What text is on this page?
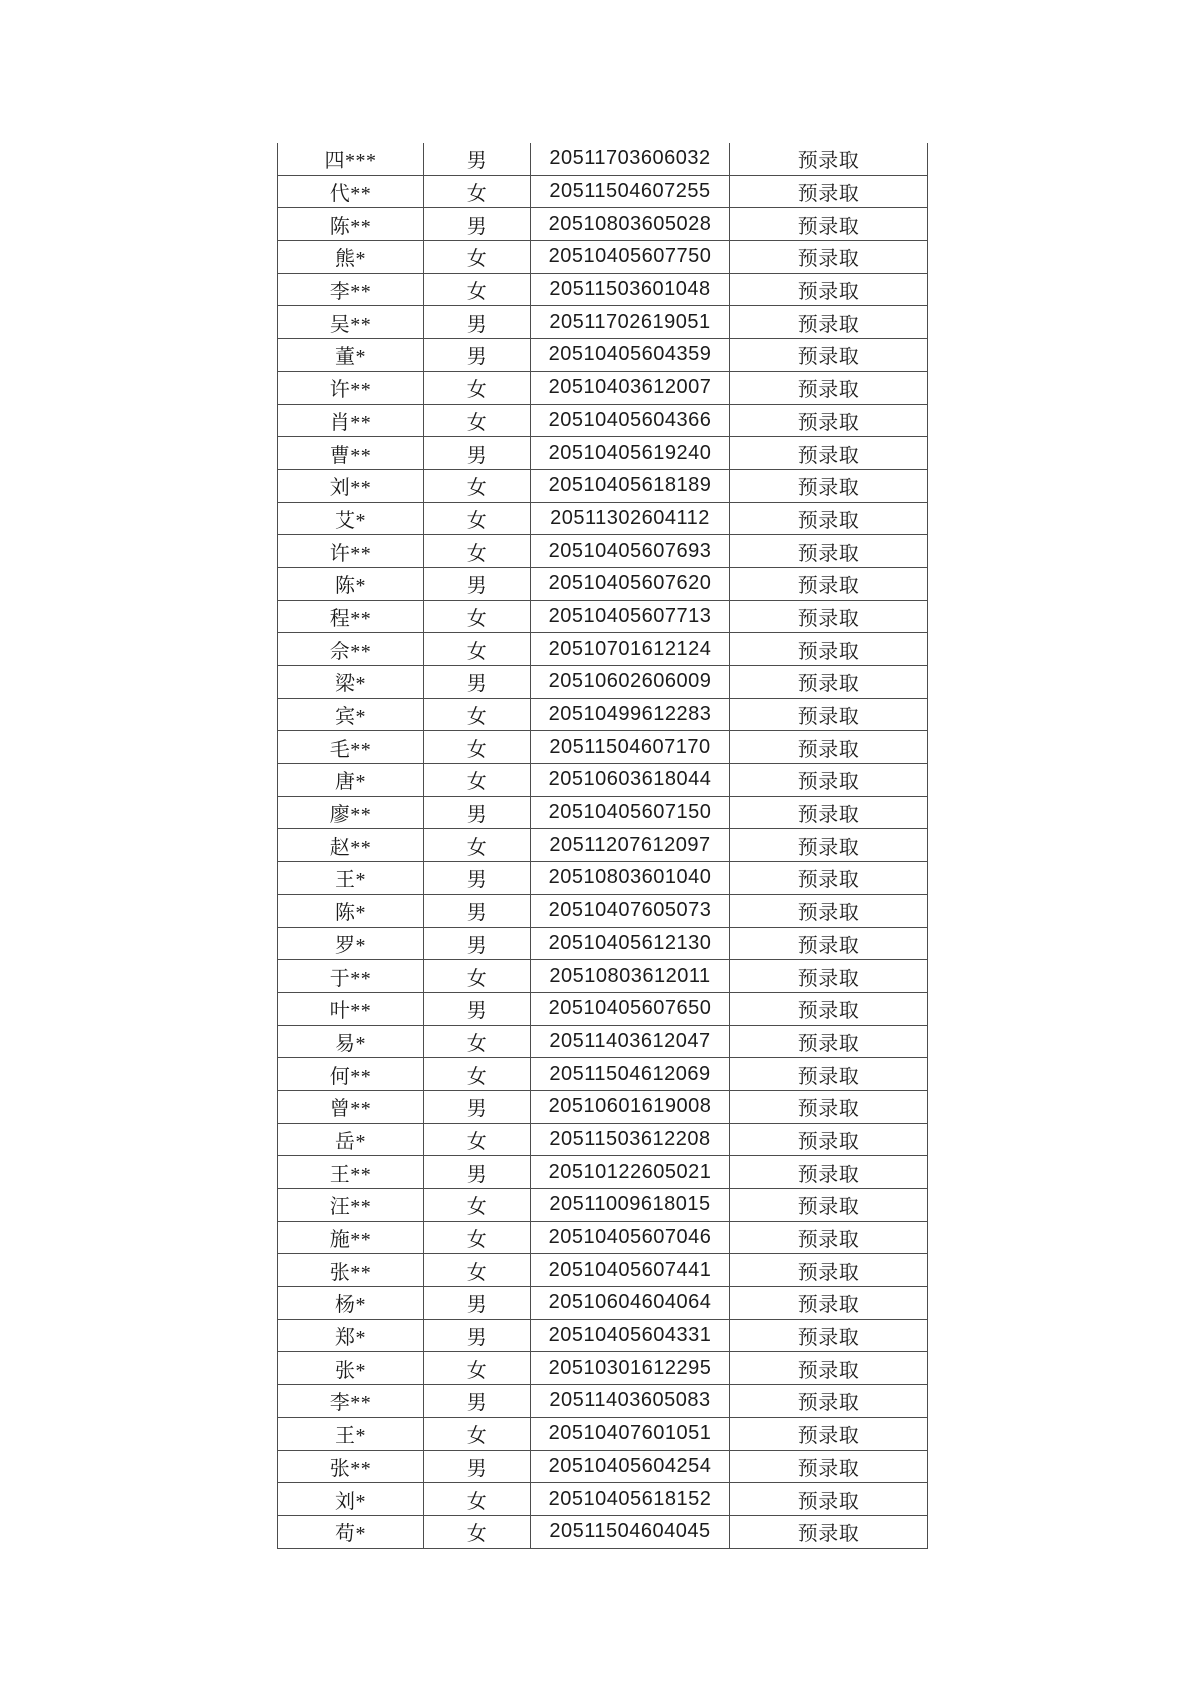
四***	男	20511703606032	预录取
代**	女	20511504607255	预录取
陈**	男	20510803605028	预录取
熊*	女	20510405607750	预录取
李**	女	20511503601048	预录取
吴**	男	20511702619051	预录取
董*	男	20510405604359	预录取
许**	女	20510403612007	预录取
肖**	女	20510405604366	预录取
曹**	男	20510405619240	预录取
刘**	女	20510405618189	预录取
艾*	女	20511302604112	预录取
许**	女	20510405607693	预录取
陈*	男	20510405607620	预录取
程**	女	20510405607713	预录取
佘**	女	20510701612124	预录取
梁*	男	20510602606009	预录取
宾*	女	20510499612283	预录取
毛**	女	20511504607170	预录取
唐*	女	20510603618044	预录取
廖**	男	20510405607150	预录取
赵**	女	20511207612097	预录取
王*	男	20510803601040	预录取
陈*	男	20510407605073	预录取
罗*	男	20510405612130	预录取
于**	女	20510803612011	预录取
叶**	男	20510405607650	预录取
易*	女	20511403612047	预录取
何**	女	20511504612069	预录取
曾**	男	20510601619008	预录取
岳*	女	20511503612208	预录取
王**	男	20510122605021	预录取
汪**	女	20511009618015	预录取
施**	女	20510405607046	预录取
张**	女	20510405607441	预录取
杨*	男	20510604604064	预录取
郑*	男	20510405604331	预录取
张*	女	20510301612295	预录取
李**	男	20511403605083	预录取
王*	女	20510407601051	预录取
张**	男	20510405604254	预录取
刘*	女	20510405618152	预录取
苟*	女	20511504604045	预录取
